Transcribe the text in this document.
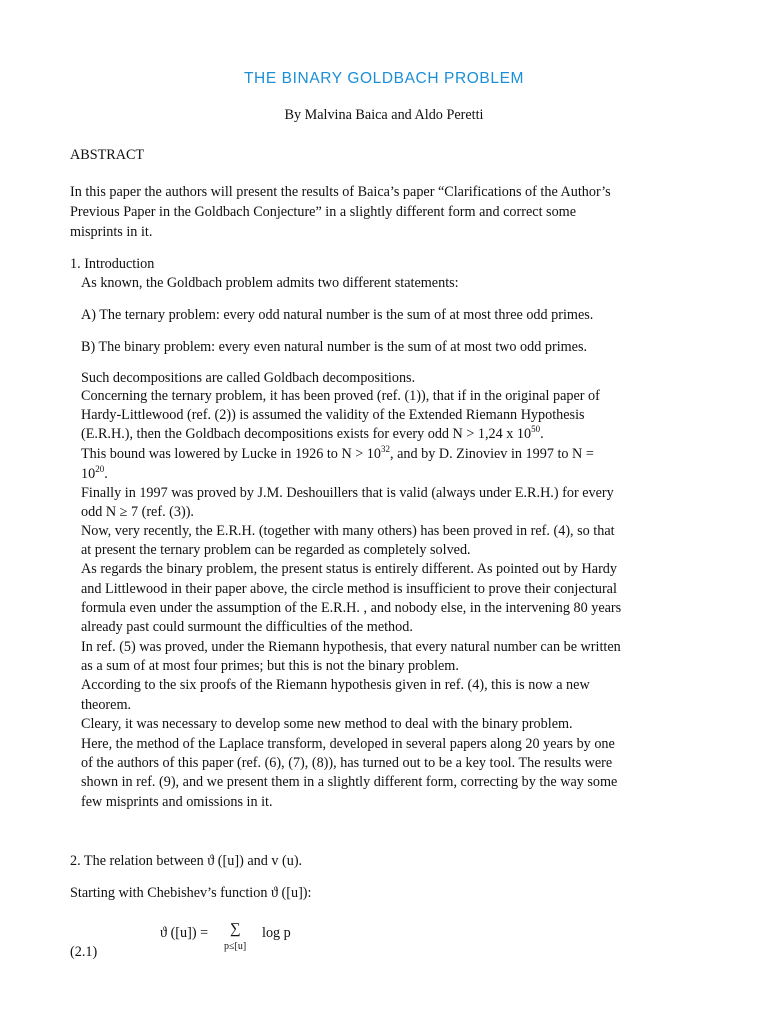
THE BINARY GOLDBACH PROBLEM
By Malvina Baica and Aldo Peretti
ABSTRACT
In this paper the authors will present the results of Baica’s paper “Clarifications of the Author’s
Previous Paper in the Goldbach Conjecture” in a slightly different form and correct some
misprints in it.
1. Introduction
As known, the Goldbach problem admits two different statements:
A) The ternary problem: every odd natural number is the sum of at most three odd primes.
B) The binary problem: every even natural number is the sum of at most two odd primes.
Such decompositions are called Goldbach decompositions.
Concerning the ternary problem, it has been proved (ref. (1)), that if in the original paper of
Hardy-Littlewood (ref. (2)) is assumed the validity of the Extended Riemann Hypothesis
(E.R.H.), then the Goldbach decompositions exists for every odd N > 1,24 x $10^{50}$.
This bound was lowered by Lucke in 1926 to $N > 10^{32}$, and by D. Zinoviev in 1997 to N =
$10^{20}$.
Finally in 1997 was proved by J.M. Deshouillers that is valid (always under E.R.H.) for every
odd N ≥ 7 (ref. (3)).
Now, very recently, the E.R.H. (together with many others) has been proved in ref. (4), so that
at present the ternary problem can be regarded as completely solved.
As regards the binary problem, the present status is entirely different. As pointed out by Hardy
and Littlewood in their paper above, the circle method is insufficient to prove their conjectural
formula even under the assumption of the E.R.H. , and nobody else, in the intervening 80 years
already past could surmount the difficulties of the method.
In ref. (5) was proved, under the Riemann hypothesis, that every natural number can be written
as a sum of at most four primes; but this is not the binary problem.
According to the six proofs of the Riemann hypothesis given in ref. (4), this is now a new
theorem.
Cleary, it was necessary to develop some new method to deal with the binary problem.
Here, the method of the Laplace transform, developed in several papers along 20 years by one
of the authors of this paper (ref. (6), (7), (8)), has turned out to be a key tool. The results were
shown in ref. (9), and we present them in a slightly different form, correcting by the way some
few misprints and omissions in it.
2. The relation between ϑ ([u]) and v (u).
Starting with Chebishev’s function ϑ ([u]):
ϑ ([u]) = ∑
p≤[u]
log p
(2.1)
